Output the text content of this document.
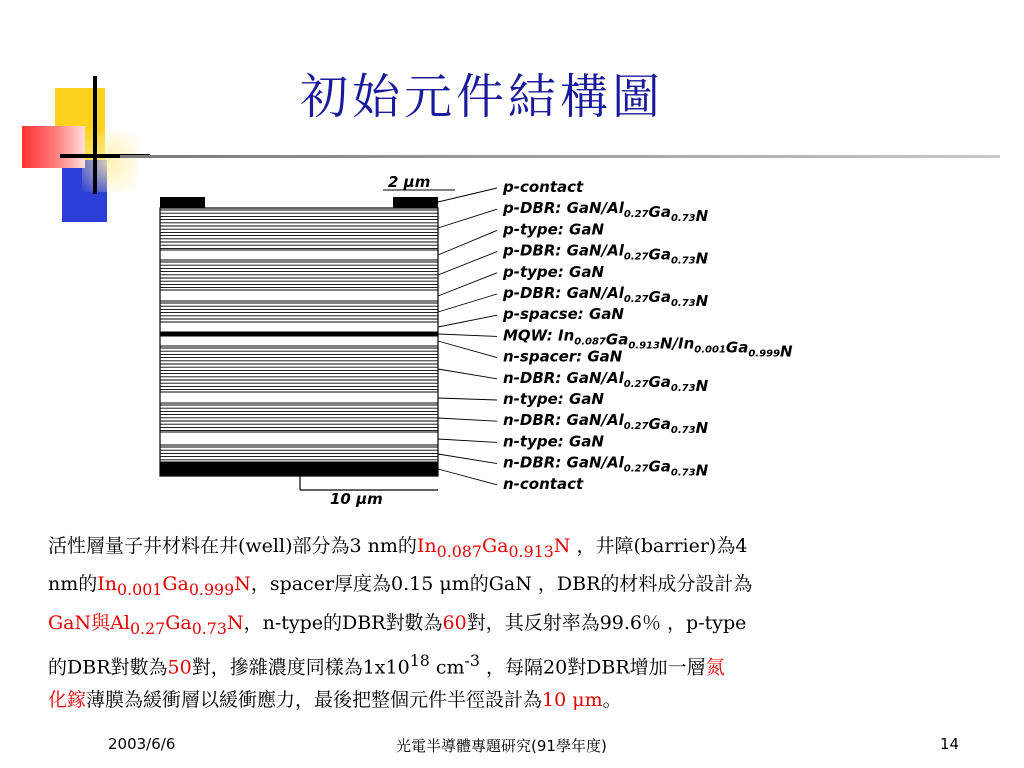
初始元件結構圖
p-contact
p-DBR: GaN/$Al_{0.27}Ga_{0.73}N$
p-type: GaN
p-DBR: GaN/$Al_{0.27}Ga_{0.73}N$
p-type: GaN
p-DBR: GaN/$Al_{0.27}Ga_{0.73}N$
p-spacse: GaN
MQW: $In_{0.087}Ga_{0.913}N/In_{0.001}Ga_{0.999}N$
n-spacer: GaN
n-DBR: GaN/$Al_{0.27}Ga_{0.73}N$
n-type: GaN
n-DBR: GaN/$Al_{0.27}Ga_{0.73}N$
n-type: GaN
n-DBR: GaN/$Al_{0.27}Ga_{0.73}N$
n-contact
2 μm
10 μm
活性層量子井材料在井(well)部分為3 nm的$In_{0.087}Ga_{0.913}N$ ，井障(barrier)為4
nm的$In_{0.001}Ga_{0.999}N$，spacer厚度為0.15 μm的GaN ，DBR的材料成分設計為
GaN與$Al_{0.27}Ga_{0.73}N$，n-type的DBR對數為60對，其反射率為99.6％ ，p-type
的DBR對數為50對，摻雜濃度同樣為$1x10^{18}$ $cm^{-3}$ ，每隔20對DBR增加一層氮
化鎵薄膜為緩衝層以緩衝應力，最後把整個元件半徑設計為10 μm。
2003/6/6	光電半導體專題研究(91學年度)	14
